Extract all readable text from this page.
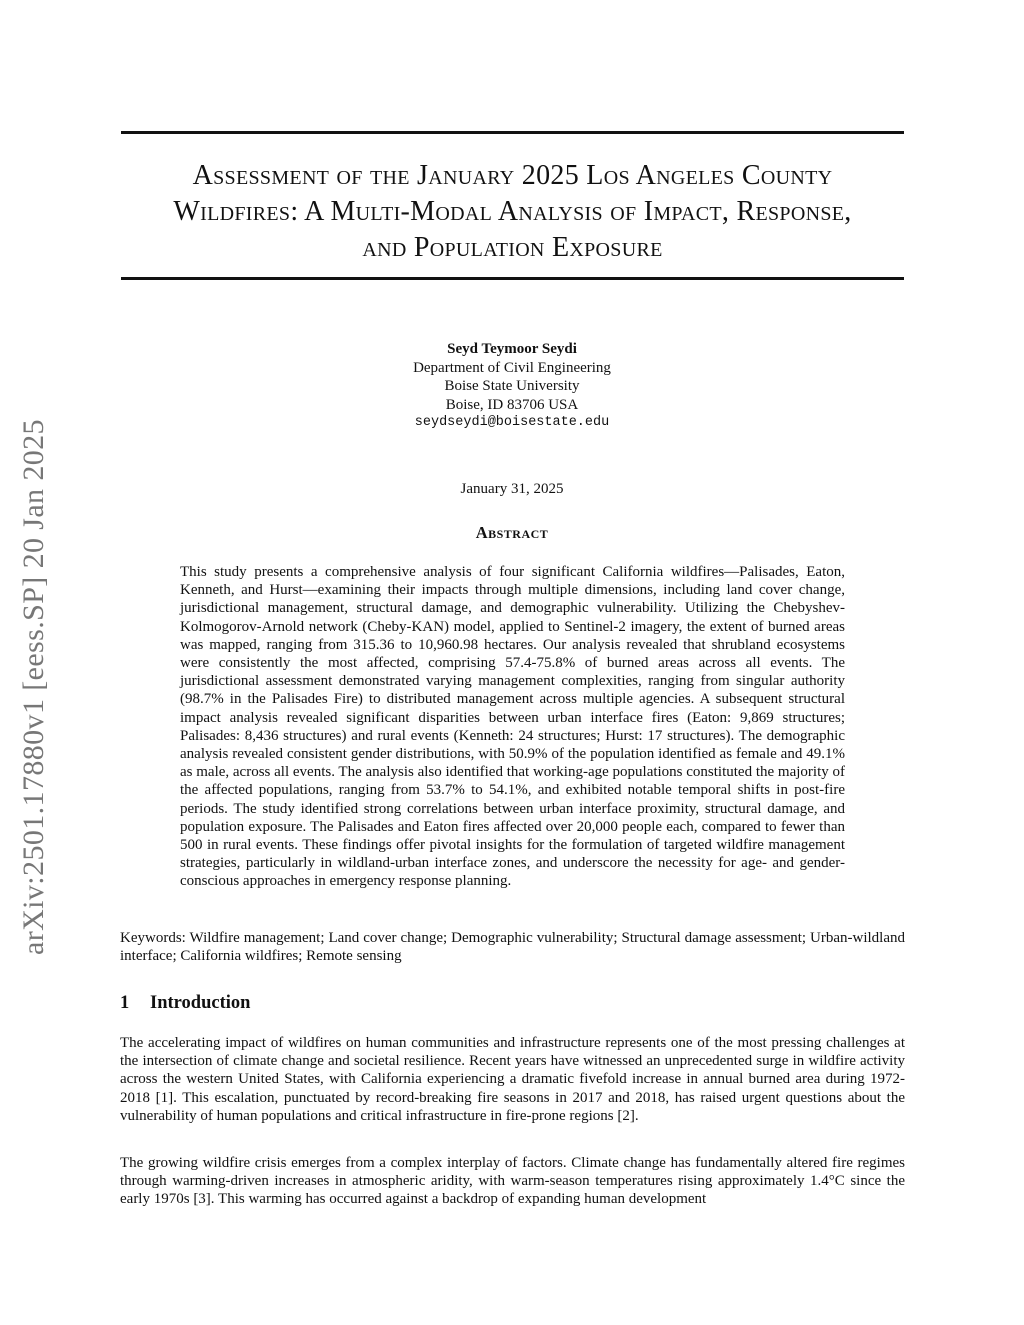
arXiv:2501.17880v1 [eess.SP] 20 Jan 2025
Assessment of the January 2025 Los Angeles County
Wildfires: A Multi-Modal Analysis of Impact, Response,
and Population Exposure
Seyd Teymoor Seydi
Department of Civil Engineering
Boise State University
Boise, ID 83706 USA
seydseydi@boisestate.edu
January 31, 2025
Abstract
This study presents a comprehensive analysis of four significant California wildfires—Palisades, Eaton, Kenneth, and Hurst—examining their impacts through multiple dimensions, including land cover change, jurisdictional management, structural damage, and demographic vulnerability. Utilizing the Chebyshev-Kolmogorov-Arnold network (Cheby-KAN) model, applied to Sentinel-2 imagery, the extent of burned areas was mapped, ranging from 315.36 to 10,960.98 hectares. Our analysis revealed that shrubland ecosystems were consistently the most affected, comprising 57.4-75.8% of burned areas across all events. The jurisdictional assessment demonstrated varying management complexities, ranging from singular authority (98.7% in the Palisades Fire) to distributed management across multiple agencies. A subsequent structural impact analysis revealed significant disparities between urban interface fires (Eaton: 9,869 structures; Palisades: 8,436 structures) and rural events (Kenneth: 24 structures; Hurst: 17 structures). The demographic analysis revealed consistent gender distributions, with 50.9% of the population identified as female and 49.1% as male, across all events. The analysis also identified that working-age populations constituted the majority of the affected populations, ranging from 53.7% to 54.1%, and exhibited notable temporal shifts in post-fire periods. The study identified strong correlations between urban interface proximity, structural damage, and population exposure. The Palisades and Eaton fires affected over 20,000 people each, compared to fewer than 500 in rural events. These findings offer pivotal insights for the formulation of targeted wildfire management strategies, particularly in wildland-urban interface zones, and underscore the necessity for age- and gender-conscious approaches in emergency response planning.
Keywords: Wildfire management; Land cover change; Demographic vulnerability; Structural damage assessment; Urban-wildland interface; California wildfires; Remote sensing
1 Introduction

The accelerating impact of wildfires on human communities and infrastructure represents one of the most pressing challenges at the intersection of climate change and societal resilience. Recent years have witnessed an unprecedented surge in wildfire activity across the western United States, with California experiencing a dramatic fivefold increase in annual burned area during 1972-2018 [1]. This escalation, punctuated by record-breaking fire seasons in 2017 and 2018, has raised urgent questions about the vulnerability of human populations and critical infrastructure in fire-prone regions [2].

The growing wildfire crisis emerges from a complex interplay of factors. Climate change has fundamentally altered fire regimes through warming-driven increases in atmospheric aridity, with warm-season temperatures rising approximately 1.4°C since the early 1970s [3]. This warming has occurred against a backdrop of expanding human development
